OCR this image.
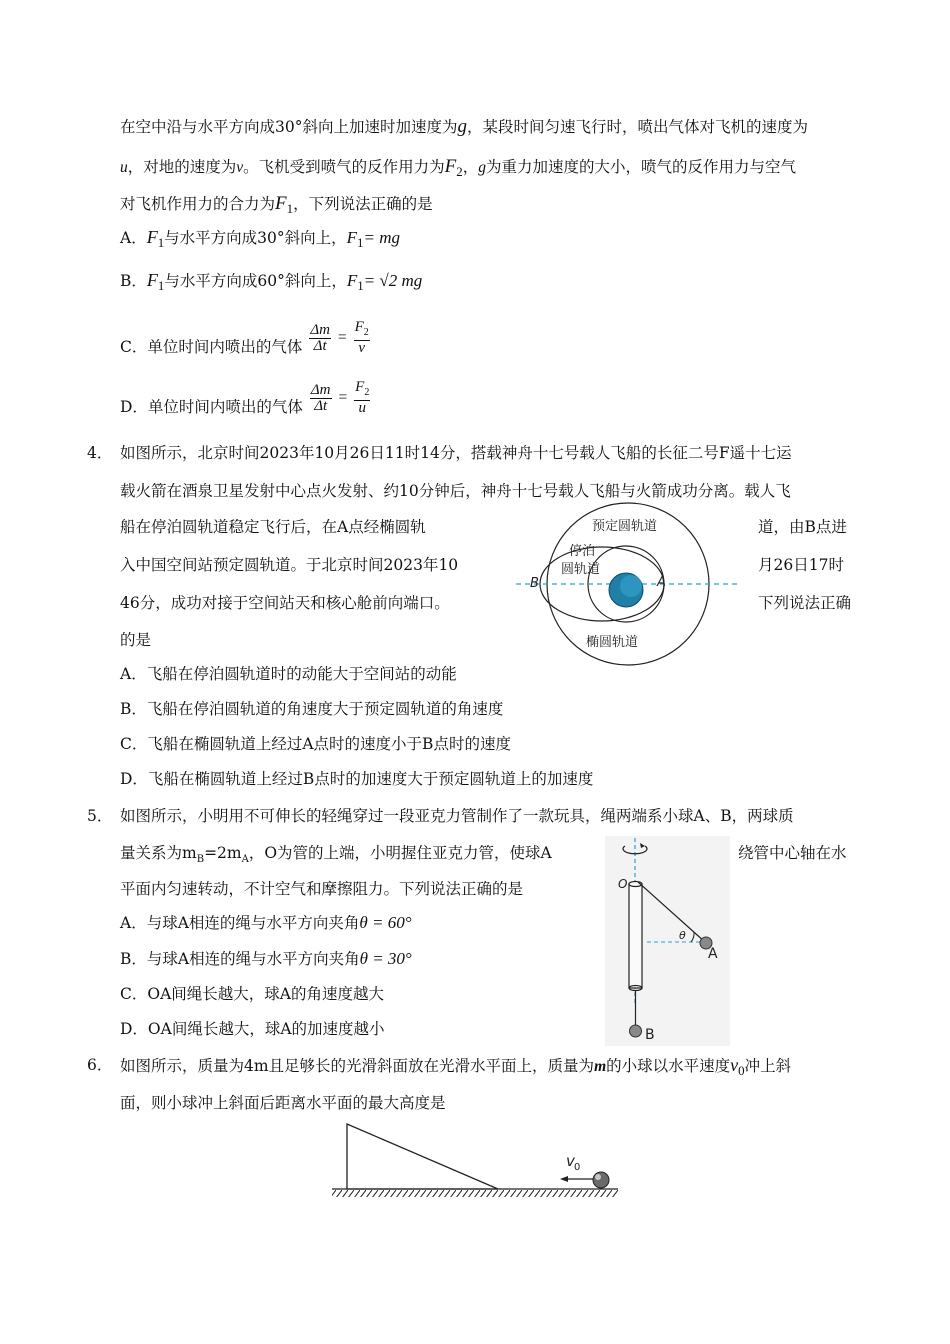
在空中沿与水平方向成30°斜向上加速时加速度为g，某段时间匀速飞行时，喷出气体对飞机的速度为
u，对地的速度为v。飞机受到喷气的反作用力为$F_2$，g为重力加速度的大小，喷气的反作用力与空气
对飞机作用力的合力为$F_1$，下列说法正确的是
A．$F_1$与水平方向成30°斜向上，$F_1=$ mg
B．$F_1$与水平方向成60°斜向上，$F_1= √2$ mg
C．单位时间内喷出的气体 $\frac{\Delta m}{\Delta t} = \frac{F_2}{v}$
D．单位时间内喷出的气体 $\frac{\Delta m}{\Delta t} = \frac{F_2}{u}$
4． 如图所示，北京时间2023年10月26日11时14分，搭载神舟十七号载人飞船的长征二号F遥十七运
载火箭在酒泉卫星发射中心点火发射、约10分钟后，神舟十七号载人飞船与火箭成功分离。载人飞
船在停泊圆轨道稳定飞行后，在A点经椭圆轨	道，由B点进
入中国空间站预定圆轨道。于北京时间2023年10	月26日17时
46分，成功对接于空间站天和核心舱前向端口。	下列说法正确
的是
预定圆轨道
停泊
圆轨道
椭圆轨道
A
B
A．飞船在停泊圆轨道时的动能大于空间站的动能
B．飞船在停泊圆轨道的角速度大于预定圆轨道的角速度
C．飞船在椭圆轨道上经过A点时的速度小于B点时的速度
D．飞船在椭圆轨道上经过B点时的加速度大于预定圆轨道上的加速度
5． 如图所示，小明用不可伸长的轻绳穿过一段亚克力管制作了一款玩具，绳两端系小球A、B，两球质
量关系为$m_B=2m_A$，O为管的上端，小明握住亚克力管，使球A	绕管中心轴在水
平面内匀速转动，不计空气和摩擦阻力。下列说法正确的是
A．与球A相连的绳与水平方向夹角θ = 60°
B．与球A相连的绳与水平方向夹角θ = 30°
C．OA间绳长越大，球A的角速度越大
D．OA间绳长越大，球A的加速度越小
O
θ
A
B
6． 如图所示，质量为4m且足够长的光滑斜面放在光滑水平面上，质量为m的小球以水平速度$v_0$冲上斜
面，则小球冲上斜面后距离水平面的最大高度是
v 0
